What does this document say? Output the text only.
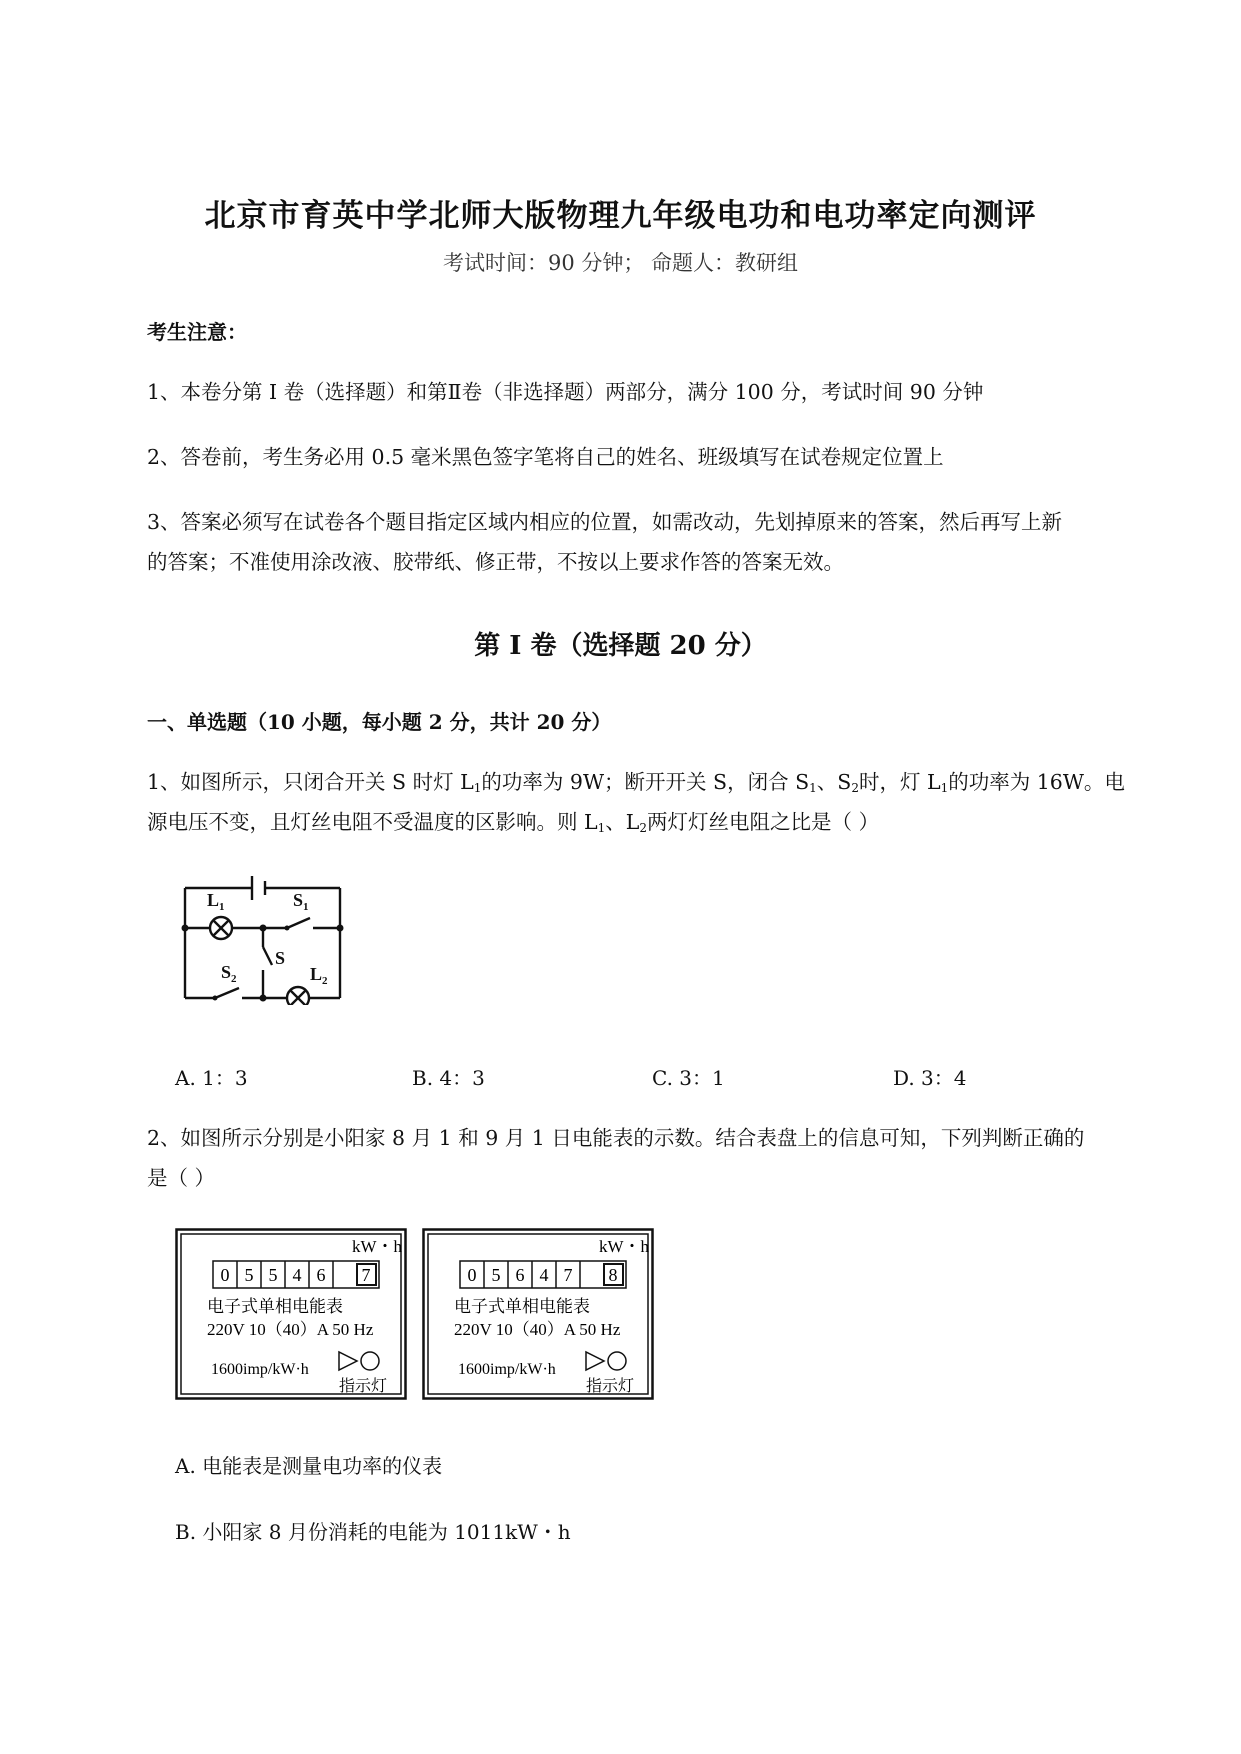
北京市育英中学北师大版物理九年级电功和电功率定向测评
考试时间：90 分钟； 命题人：教研组
考生注意：
1、本卷分第 I 卷（选择题）和第Ⅱ卷（非选择题）两部分，满分 100 分，考试时间 90 分钟
2、答卷前，考生务必用 0.5 毫米黑色签字笔将自己的姓名、班级填写在试卷规定位置上
3、答案必须写在试卷各个题目指定区域内相应的位置，如需改动，先划掉原来的答案，然后再写上新
的答案；不准使用涂改液、胶带纸、修正带，不按以上要求作答的答案无效。
第 I 卷（选择题 20 分）
一、单选题（10 小题，每小题 2 分，共计 20 分）
1、如图所示，只闭合开关 S 时灯 $L_1$的功率为 9W；断开开关 S，闭合 $S_1$、$S_2$时，灯 $L_1$的功率为 16W。电
源电压不变，且灯丝电阻不受温度的区影响。则 $L_1$、$L_2$两灯灯丝电阻之比是（ ）
$L_1$	$S_1$
S
$S_2$	$L_2$
A. 1：3	B. 4：3	C. 3：1	D. 3：4
2、如图所示分别是小阳家 8 月 1 和 9 月 1 日电能表的示数。结合表盘上的信息可知，下列判断正确的
是（ ）
kW・h
0 5 5 4 6 7
电子式单相电能表
220V 10（40）A 50 Hz
1600imp/kW·h
指示灯
kW・h
0 5 6 4 7 8
电子式单相电能表
220V 10（40）A 50 Hz
1600imp/kW·h
指示灯
A. 电能表是测量电功率的仪表
B. 小阳家 8 月份消耗的电能为 1011kW・h
